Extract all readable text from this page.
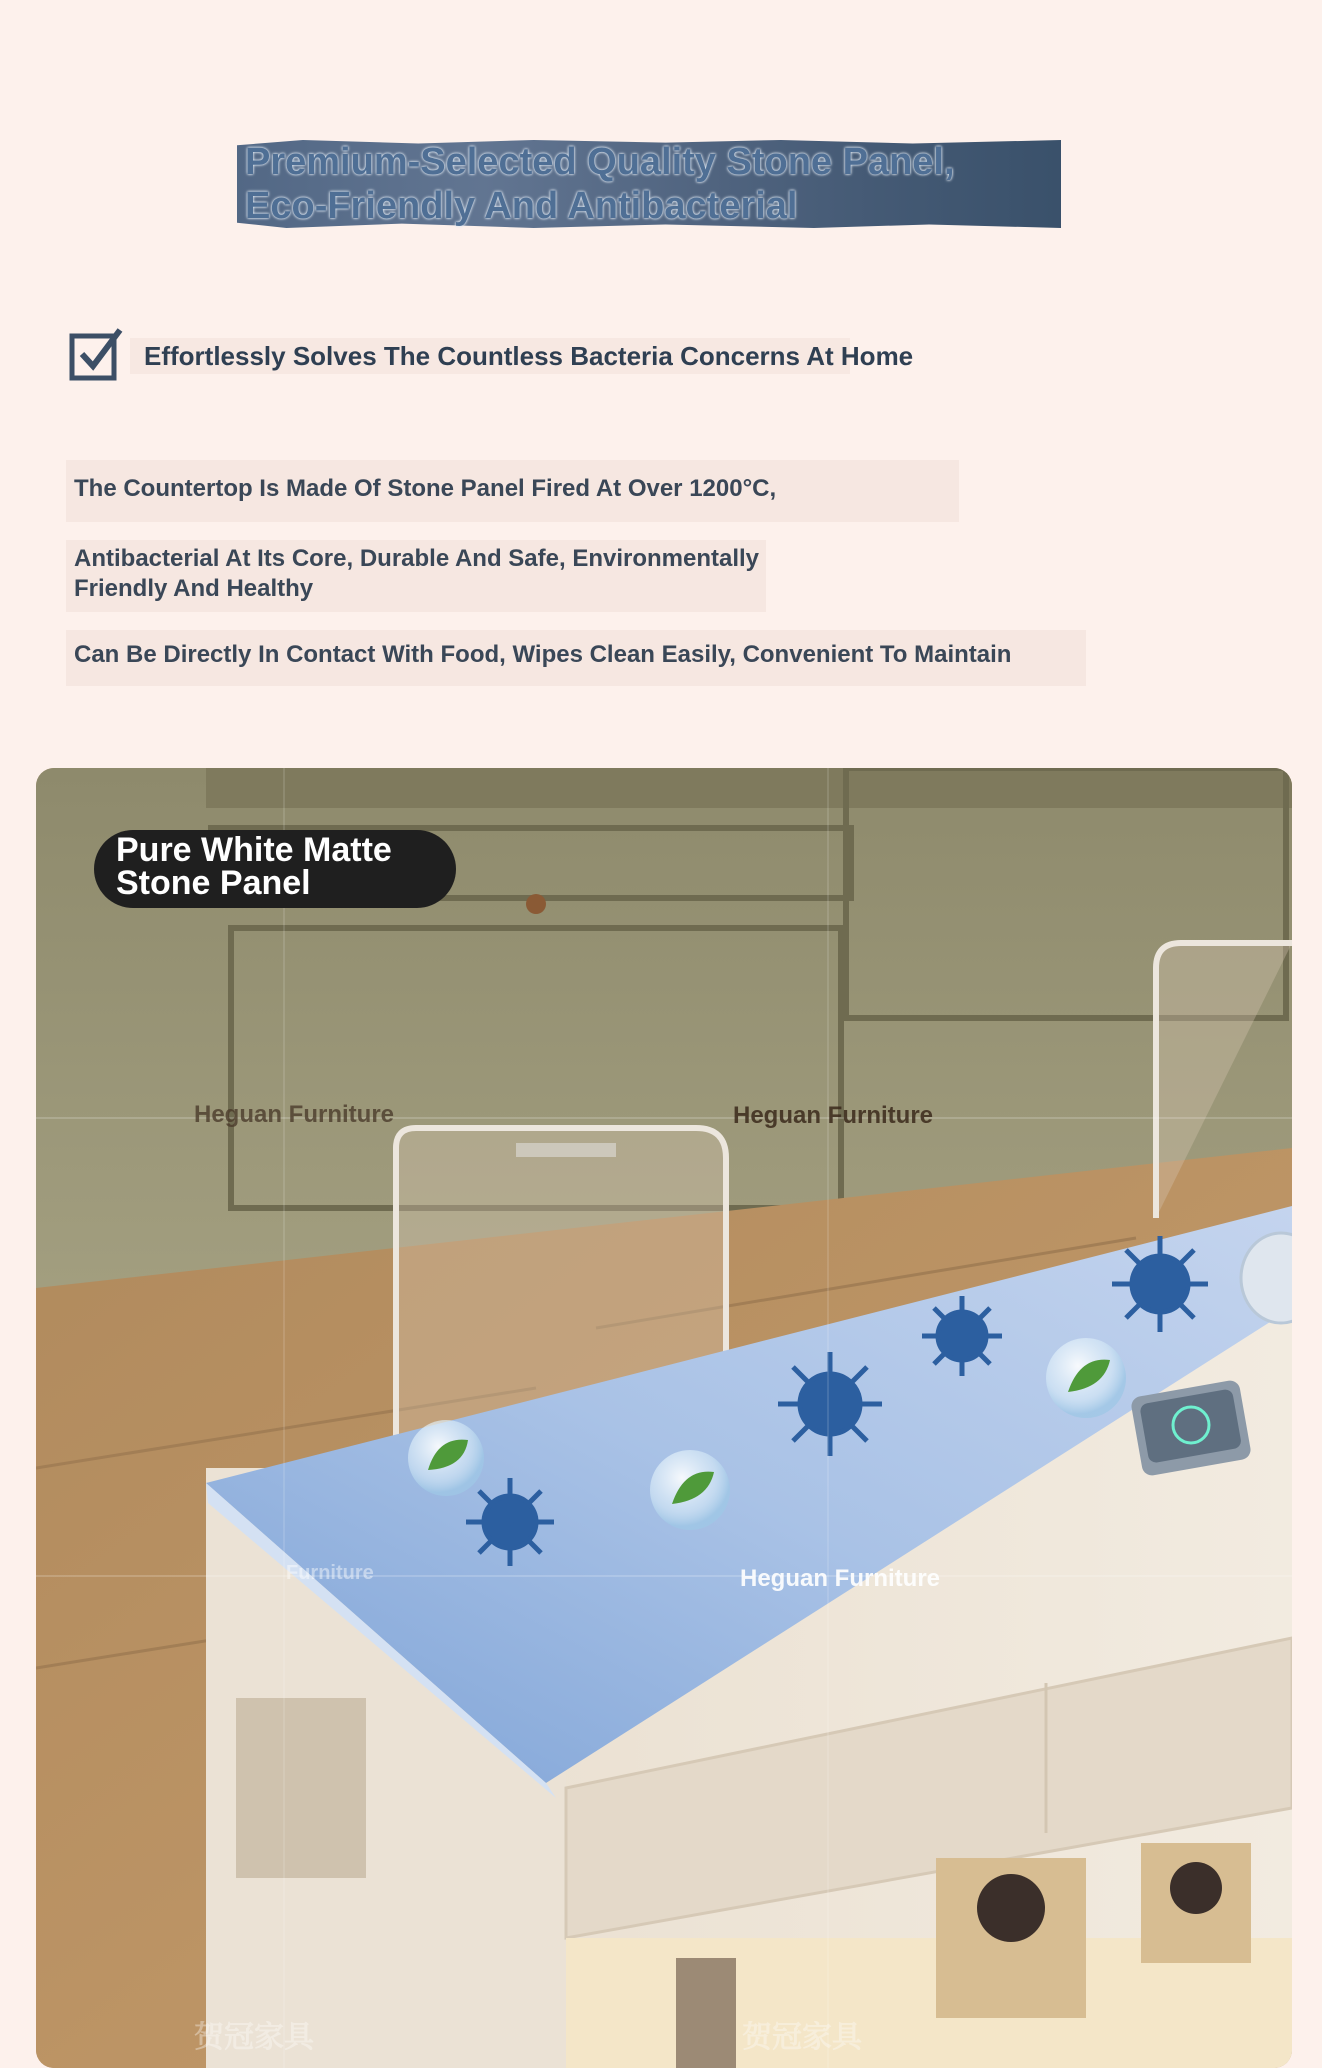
Premium-Selected Quality Stone Panel,
Eco-Friendly And Antibacterial
Effortlessly Solves The Countless Bacteria Concerns At Home
The Countertop Is Made Of Stone Panel Fired At Over 1200°C,
Antibacterial At Its Core, Durable And Safe, Environmentally
Friendly And Healthy
Can Be Directly In Contact With Food, Wipes Clean Easily, Convenient To Maintain
Pure White Matte
Stone Panel
Heguan Furniture	Heguan Furniture
Furniture	Heguan Furniture
贺冠家具	贺冠家具
